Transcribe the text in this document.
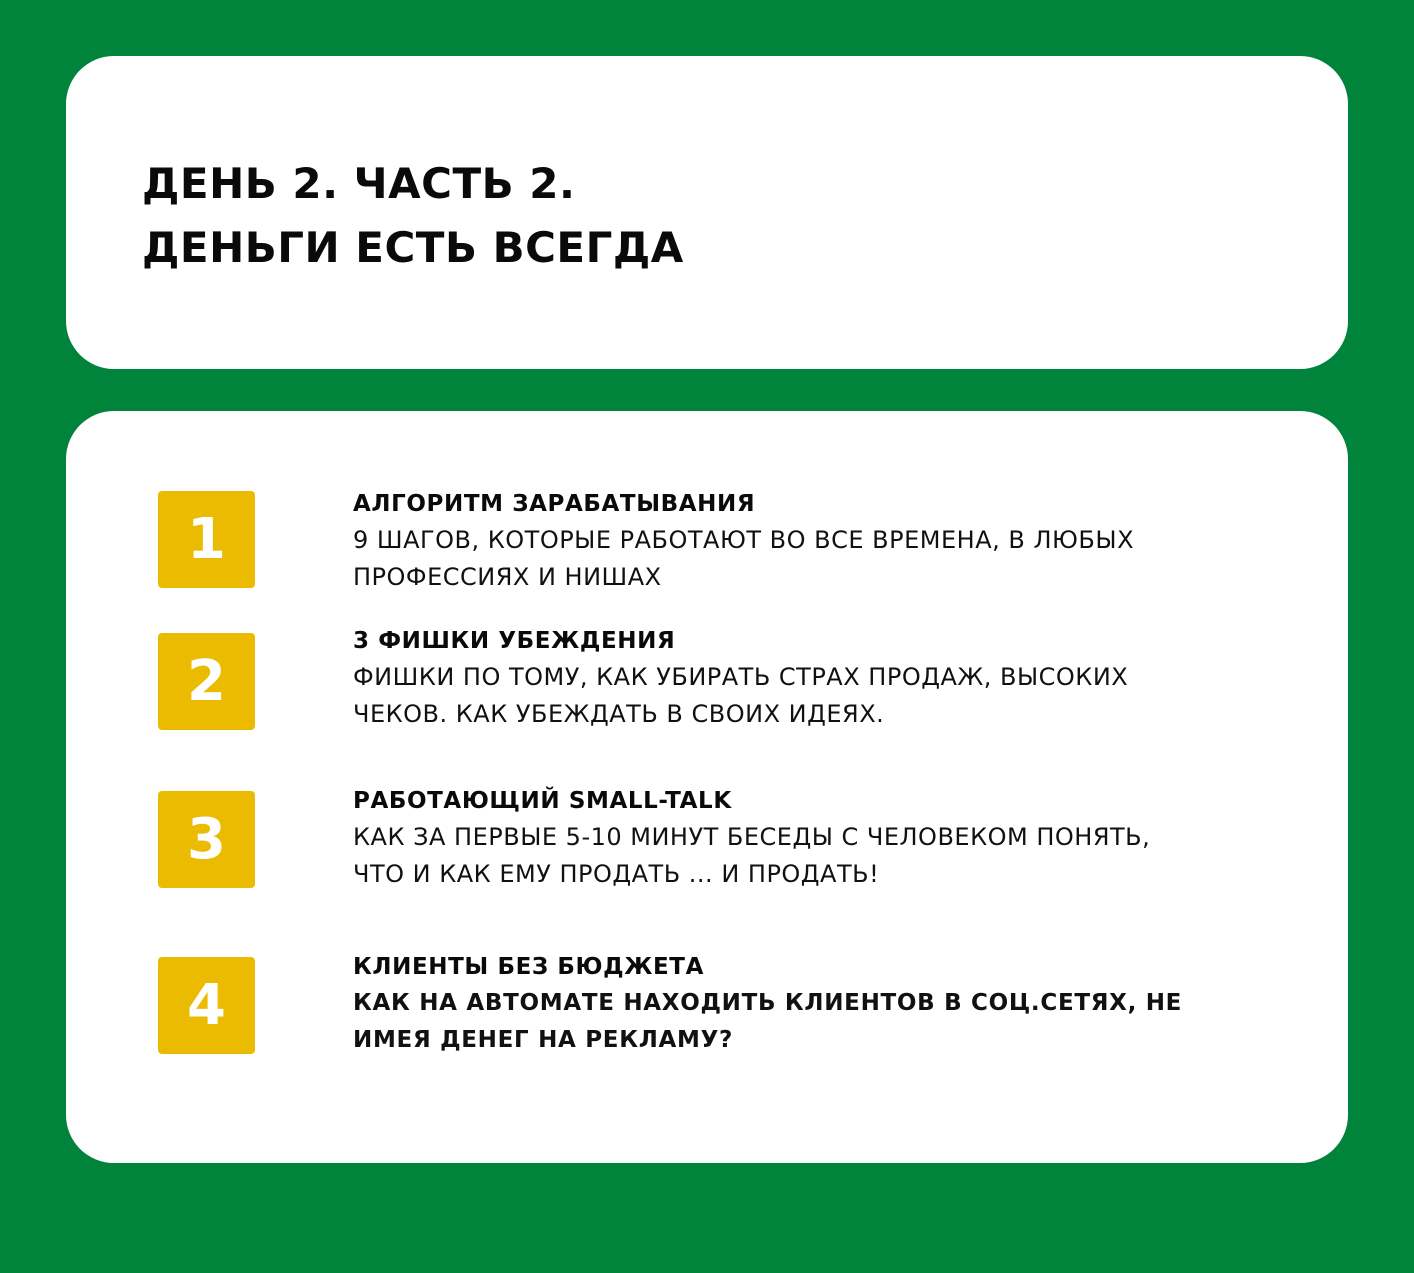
ДЕНЬ 2. ЧАСТЬ 2.
ДЕНЬГИ ЕСТЬ ВСЕГДА
1
АЛГОРИТМ ЗАРАБАТЫВАНИЯ
9 ШАГОВ, КОТОРЫЕ РАБОТАЮТ ВО ВСЕ ВРЕМЕНА, В ЛЮБЫХ
ПРОФЕССИЯХ И НИШАХ
2
3 ФИШКИ УБЕЖДЕНИЯ
ФИШКИ ПО ТОМУ, КАК УБИРАТЬ СТРАХ ПРОДАЖ, ВЫСОКИХ
ЧЕКОВ. КАК УБЕЖДАТЬ В СВОИХ ИДЕЯХ.
3
РАБОТАЮЩИЙ SMALL-TALK
КАК ЗА ПЕРВЫЕ 5-10 МИНУТ БЕСЕДЫ С ЧЕЛОВЕКОМ ПОНЯТЬ,
ЧТО И КАК ЕМУ ПРОДАТЬ ... И ПРОДАТЬ!
4
КЛИЕНТЫ БЕЗ БЮДЖЕТА
КАК НА АВТОМАТЕ НАХОДИТЬ КЛИЕНТОВ В СОЦ.СЕТЯХ, НЕ
ИМЕЯ ДЕНЕГ НА РЕКЛАМУ?
